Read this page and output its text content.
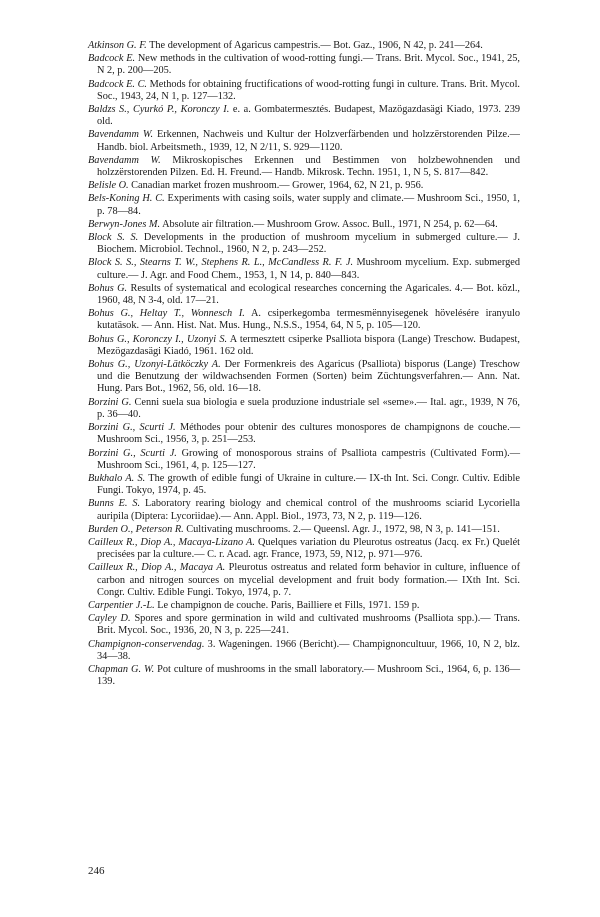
Atkinson G. F. The development of Agaricus campestris.— Bot. Gaz., 1906, N 42, p. 241—264.

Badcock E. New methods in the cultivation of wood-rotting fungi.— Trans. Brit. Mycol. Soc., 1941, 25, N 2, p. 200—205.

Badcock E. C. Methods for obtaining fructifications of wood-rotting fungi in culture. Trans. Brit. Mycol. Soc., 1943, 24, N 1, p. 127—132.

Baldzs S., Cyurkó P., Koronczy I. e. a. Gombatermesztés. Budapest, Mazögazdasägi Kiado, 1973. 239 old.

Bavendamm W. Erkennen, Nachweis und Kultur der Holzverfärbenden und holzzërstorenden Pilze.— Handb. biol. Arbeitsmeth., 1939, 12, N 2/11, S. 929—1120.

Bavendamm W. Mikroskopisches Erkennen und Bestimmen von holzbewohnenden und holzzërstorenden Pilzen. Ed. H. Freund.— Handb. Mikrosk. Techn. 1951, 1, N 5, S. 817—842.

Belisle O. Canadian market frozen mushroom.— Grower, 1964, 62, N 21, p. 956.

Bels-Koning H. C. Experiments with casing soils, water supply and climate.— Mushroom Sci., 1950, 1, p. 78—84.

Berwyn-Jones M. Absolute air filtration.— Mushroom Grow. Assoc. Bull., 1971, N 254, p. 62—64.

Block S. S. Developments in the production of mushroom mycelium in submerged culture.— J. Biochem. Microbiol. Technol., 1960, N 2, p. 243—252.

Block S. S., Stearns T. W., Stephens R. L., McCandless R. F. J. Mushroom mycelium. Exp. submerged culture.— J. Agr. and Food Chem., 1953, 1, N 14, p. 840—843.

Bohus G. Results of systematical and ecological researches concerning the Agaricales. 4.— Bot. közl., 1960, 48, N 3-4, old. 17—21.

Bohus G., Heltay T., Wonnesch I. A. csiperkegomba termesmënnyisegenek hövelésére iranyulo kutatäsok. — Ann. Hist. Nat. Mus. Hung., N.S.S., 1954, 64, N 5, p. 105—120.

Bohus G., Koronczy I., Uzonyi S. A termesztett csiperke Psalliota bispora (Lange) Treschow. Budapest, Mezögazdasägi Kiadó, 1961. 162 old.

Bohus G., Uzonyi-Lätköczky A. Der Formenkreis des Agaricus (Psalliota) bisporus (Lange) Treschow und die Benutzung der wildwachsenden Formen (Sorten) beim Züchtungsverfahren.— Ann. Nat. Hung. Pars Bot., 1962, 56, old. 16—18.

Borzini G. Cenni suela sua biologia e suela produzione industriale sel «seme».— Ital. agr., 1939, N 76, p. 36—40.

Borzini G., Scurti J. Méthodes pour obtenir des cultures monospores de champignons de couche.— Mushroom Sci., 1956, 3, p. 251—253.

Borzini G., Scurti J. Growing of monosporous strains of Psalliota campestris (Cultivated Form).— Mushroom Sci., 1961, 4, p. 125—127.

Bukhalo A. S. The growth of edible fungi of Ukraine in culture.— IX-th Int. Sci. Congr. Cultiv. Edible Fungi. Tokyo, 1974, p. 45.

Bunns E. S. Laboratory rearing biology and chemical control of the mushrooms sciarid Lycoriella auripila (Diptera: Lycoriidae).— Ann. Appl. Biol., 1973, 73, N 2, p. 119—126.

Burden O., Peterson R. Cultivating muschrooms. 2.— Queensl. Agr. J., 1972, 98, N 3, p. 141—151.

Cailleux R., Diop A., Macaya-Lizano A. Quelques variation du Pleurotus ostreatus (Jacq. ex Fr.) Quelét precisées par la culture.— C. r. Acad. agr. France, 1973, 59, N12, p. 971—976.

Cailleux R., Diop A., Macaya A. Pleurotus ostreatus and related form behavior in culture, influence of carbon and nitrogen sources on mycelial development and fruit body formation.— IXth Int. Sci. Congr. Cultiv. Edible Fungi. Tokyo, 1974, p. 7.

Carpentier J.-L. Le champignon de couche. Paris, Bailliere et Fills, 1971. 159 p.

Cayley D. Spores and spore germination in wild and cultivated mushrooms (Psalliota spp.).— Trans. Brit. Mycol. Soc., 1936, 20, N 3, p. 225—241.

Champignon-conservendag. 3. Wageningen. 1966 (Bericht).— Champignoncultuur, 1966, 10, N 2, blz. 34—38.

Chapman G. W. Pot culture of mushrooms in the small laboratory.— Mushroom Sci., 1964, 6, p. 136—139.

246
